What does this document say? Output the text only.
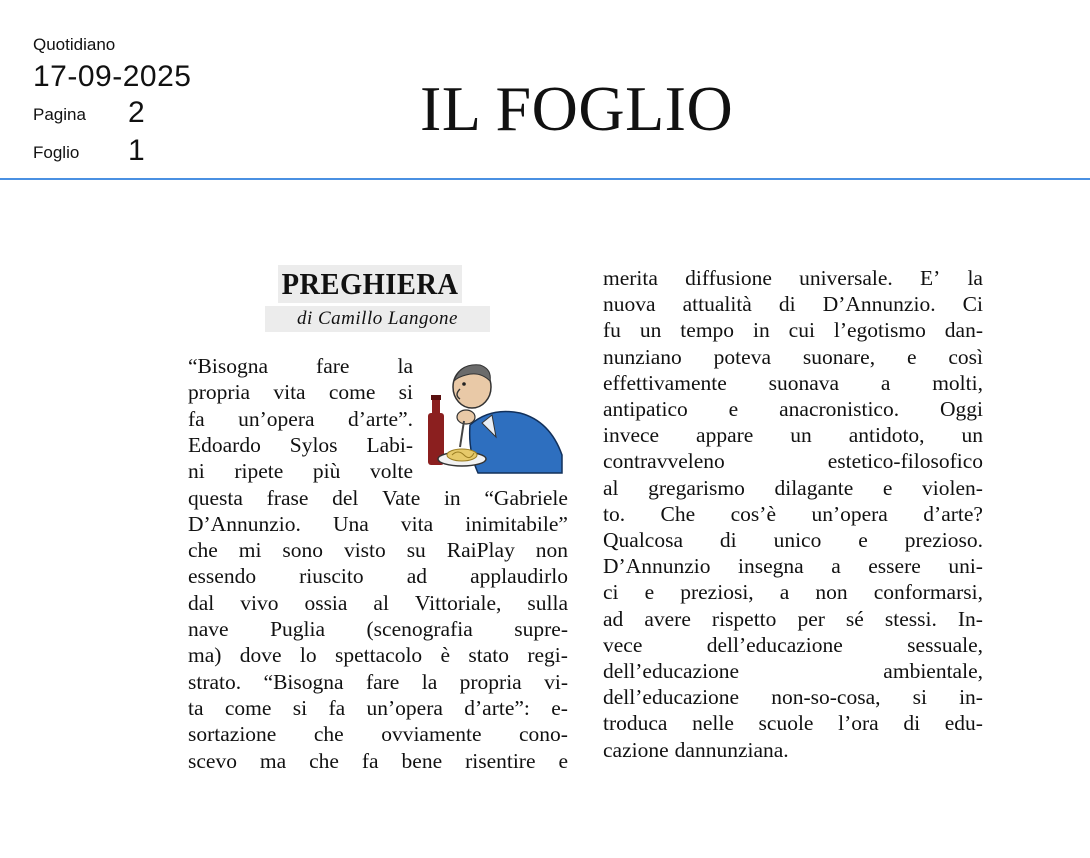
Quotidiano
17-09-2025
Pagina 2
Foglio 1
IL FOGLIO
PREGHIERA
di Camillo Langone
“Bisogna fare la
propria vita come si
fa un’opera d’arte”.
Edoardo Sylos Labi-
ni ripete più volte
questa frase del Vate in “Gabriele
D’Annunzio. Una vita inimitabile”
che mi sono visto su RaiPlay non
essendo riuscito ad applaudirlo
dal vivo ossia al Vittoriale, sulla
nave Puglia (scenografia supre-
ma) dove lo spettacolo è stato regi-
strato. “Bisogna fare la propria vi-
ta come si fa un’opera d’arte”: e-
sortazione che ovviamente cono-
scevo ma che fa bene risentire e
merita diffusione universale. E’ la
nuova attualità di D’Annunzio. Ci
fu un tempo in cui l’egotismo dan-
nunziano poteva suonare, e così
effettivamente suonava a molti,
antipatico e anacronistico. Oggi
invece appare un antidoto, un
contravveleno	estetico-filosofico
al gregarismo dilagante e violen-
to. Che cos’è un’opera d’arte?
Qualcosa di unico e prezioso.
D’Annunzio insegna a essere uni-
ci e preziosi, a non conformarsi,
ad avere rispetto per sé stessi. In-
vece	dell’educazione	sessuale,
dell’educazione	ambientale,
dell’educazione non-so-cosa, si in-
troduca nelle scuole l’ora di edu-
cazione dannunziana.
